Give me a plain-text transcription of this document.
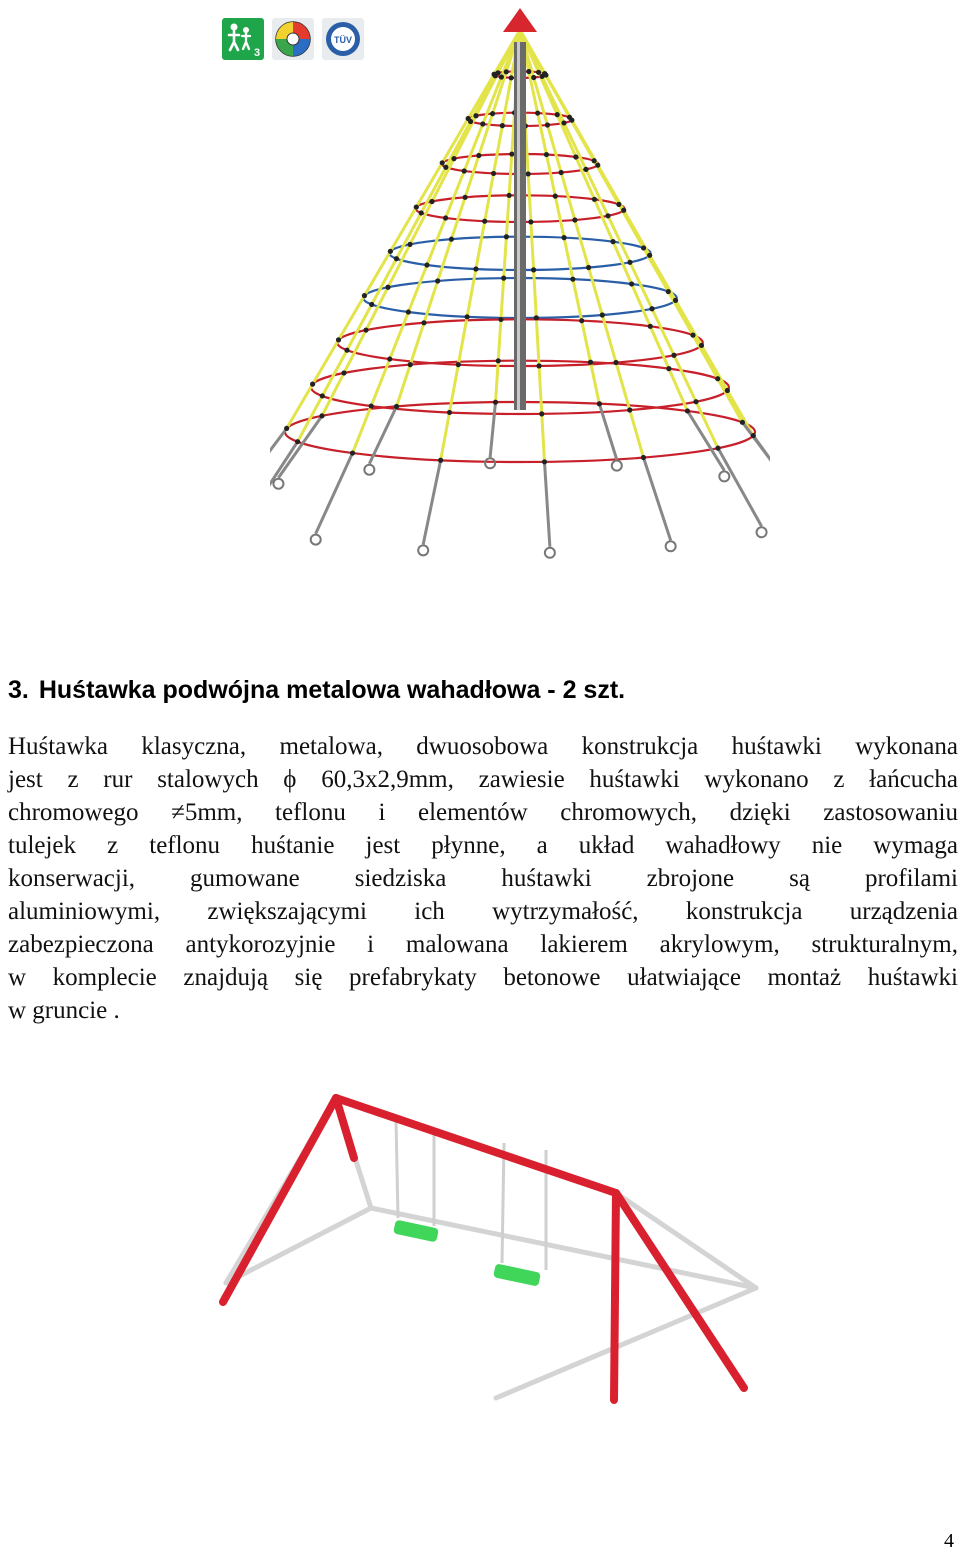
3
TÜV
3. Huśtawka podwójna metalowa wahadłowa - 2 szt.

Huśtawka klasyczna, metalowa, dwuosobowa konstrukcja huśtawki wykonana
jest z rur stalowych ϕ 60,3x2,9mm, zawiesie huśtawki wykonano z łańcucha
chromowego ≠5mm, teflonu i elementów chromowych, dzięki zastosowaniu
tulejek z teflonu huśtanie jest płynne, a układ wahadłowy nie wymaga
konserwacji, gumowane siedziska huśtawki zbrojone są profilami
aluminiowymi, zwiększającymi ich wytrzymałość, konstrukcja urządzenia
zabezpieczona antykorozyjnie i malowana lakierem akrylowym, strukturalnym,
w komplecie znajdują się prefabrykaty betonowe ułatwiające montaż huśtawki
w gruncie .

4
